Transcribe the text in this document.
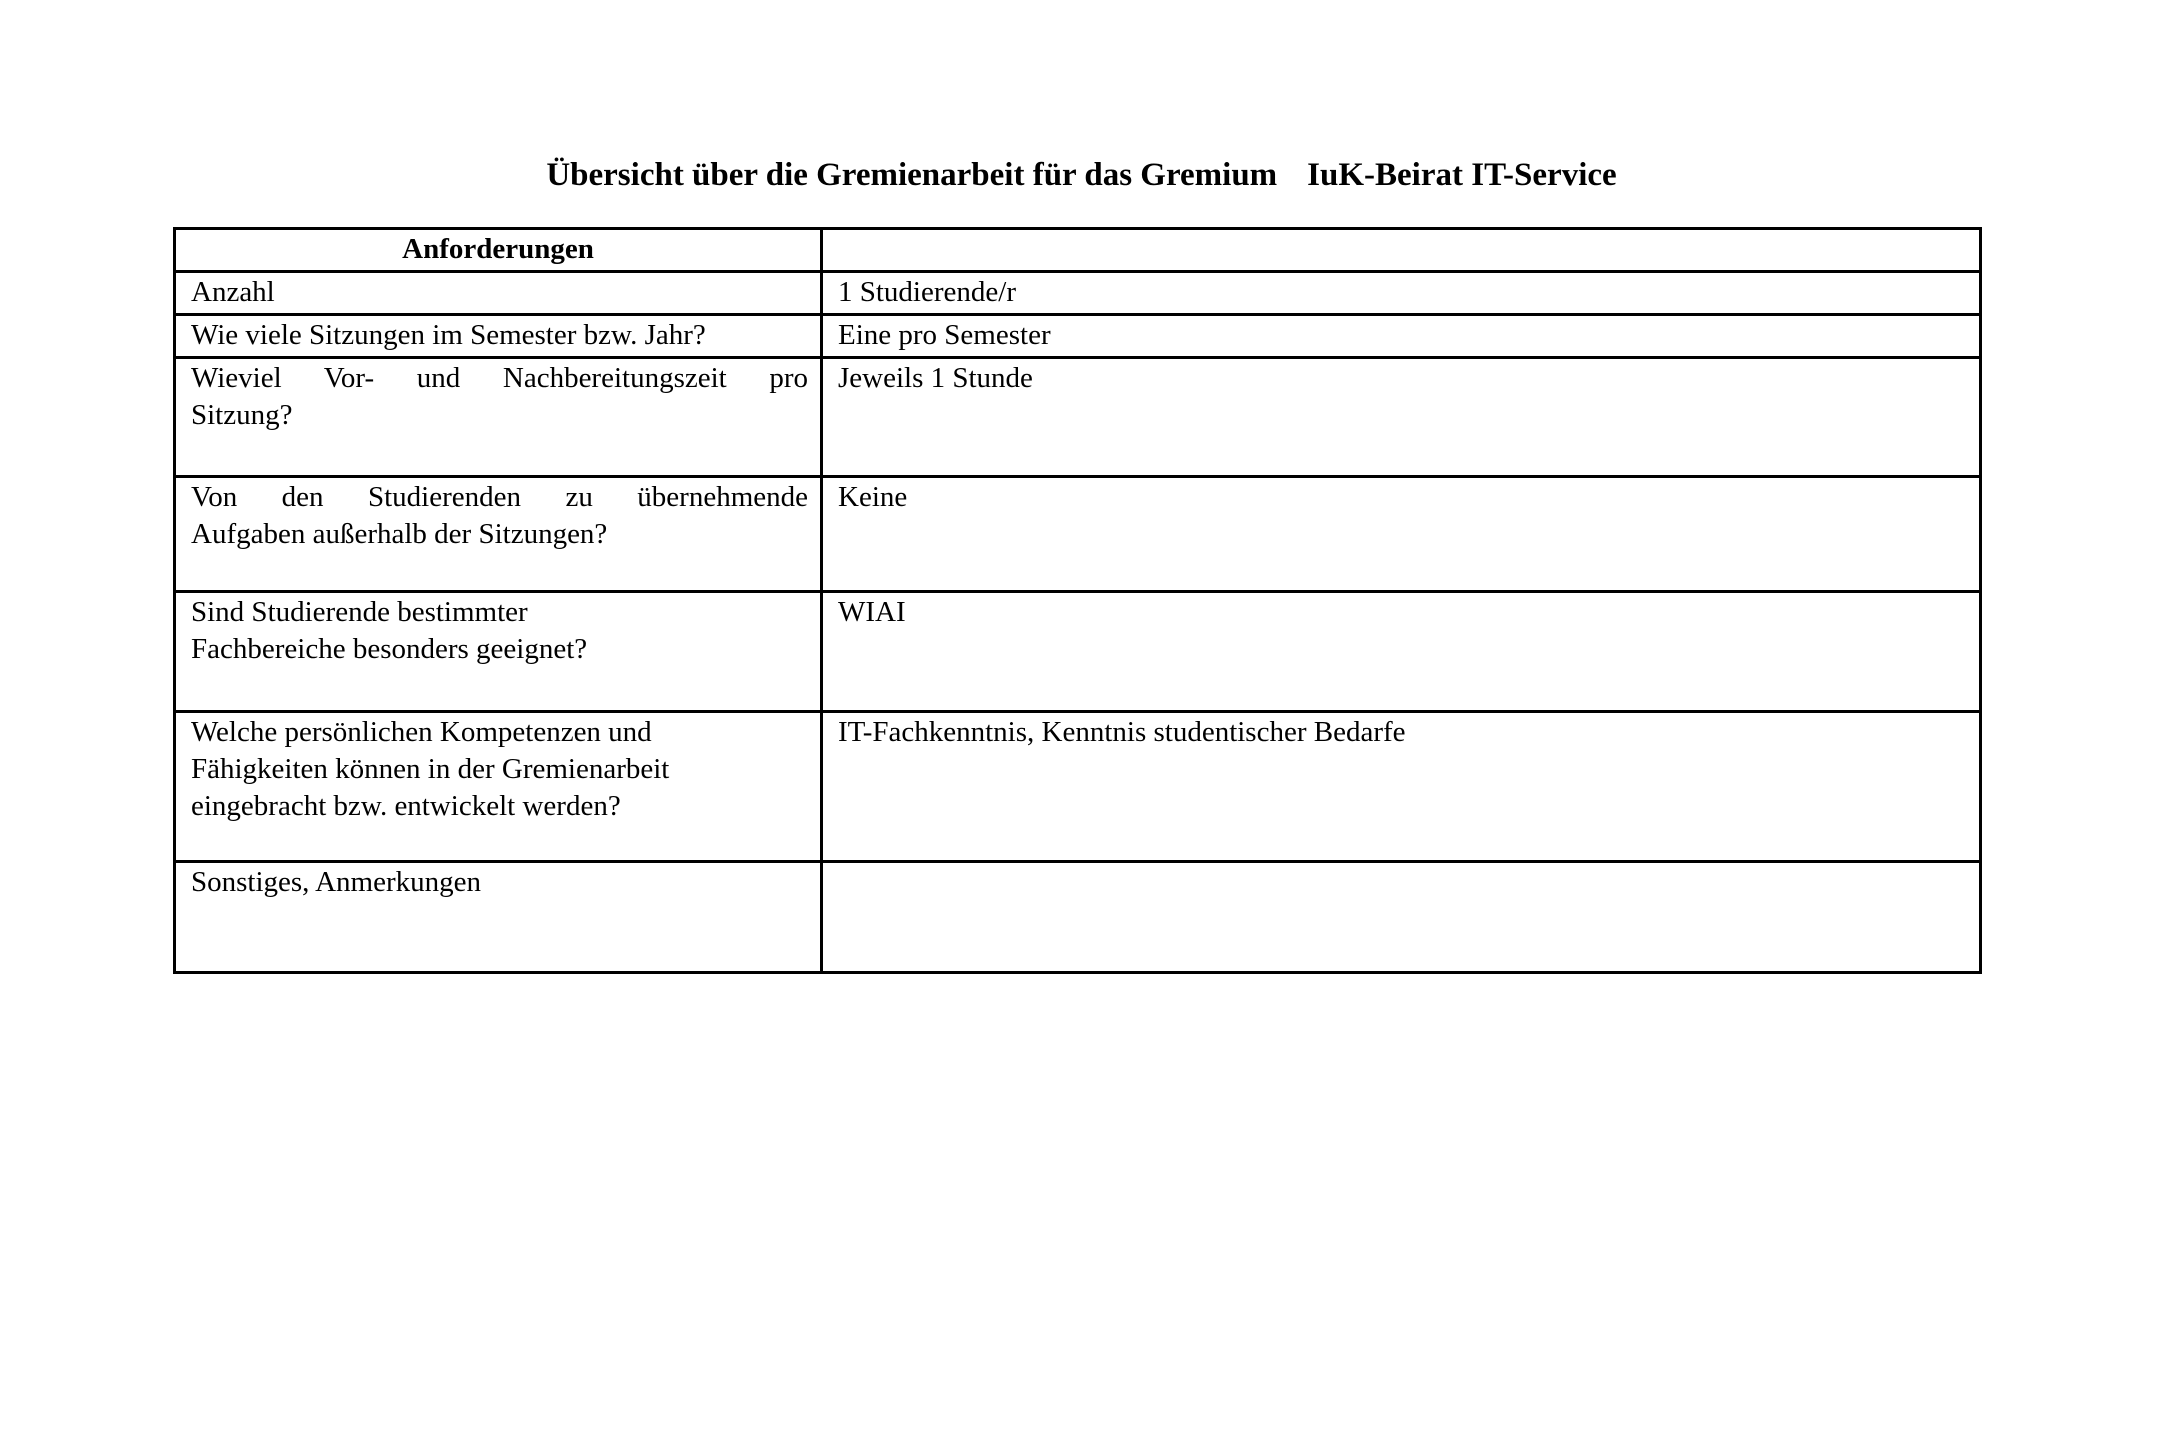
Übersicht über die Gremienarbeit für das Gremium IuK-Beirat IT-Service
Anforderungen	
Anzahl	1 Studierende/r
Wie viele Sitzungen im Semester bzw. Jahr?	Eine pro Semester

Wieviel Vor- und Nachbereitungszeit pro
Sitzung?	Jeweils 1 Stunde

Von den Studierenden zu übernehmende
Aufgaben außerhalb der Sitzungen?	Keine

Sind Studierende bestimmter
Fachbereiche besonders geeignet?	WIAI

Welche persönlichen Kompetenzen und
Fähigkeiten können in der Gremienarbeit
eingebracht bzw. entwickelt werden?	IT-Fachkenntnis, Kenntnis studentischer Bedarfe
Sonstiges, Anmerkungen	
